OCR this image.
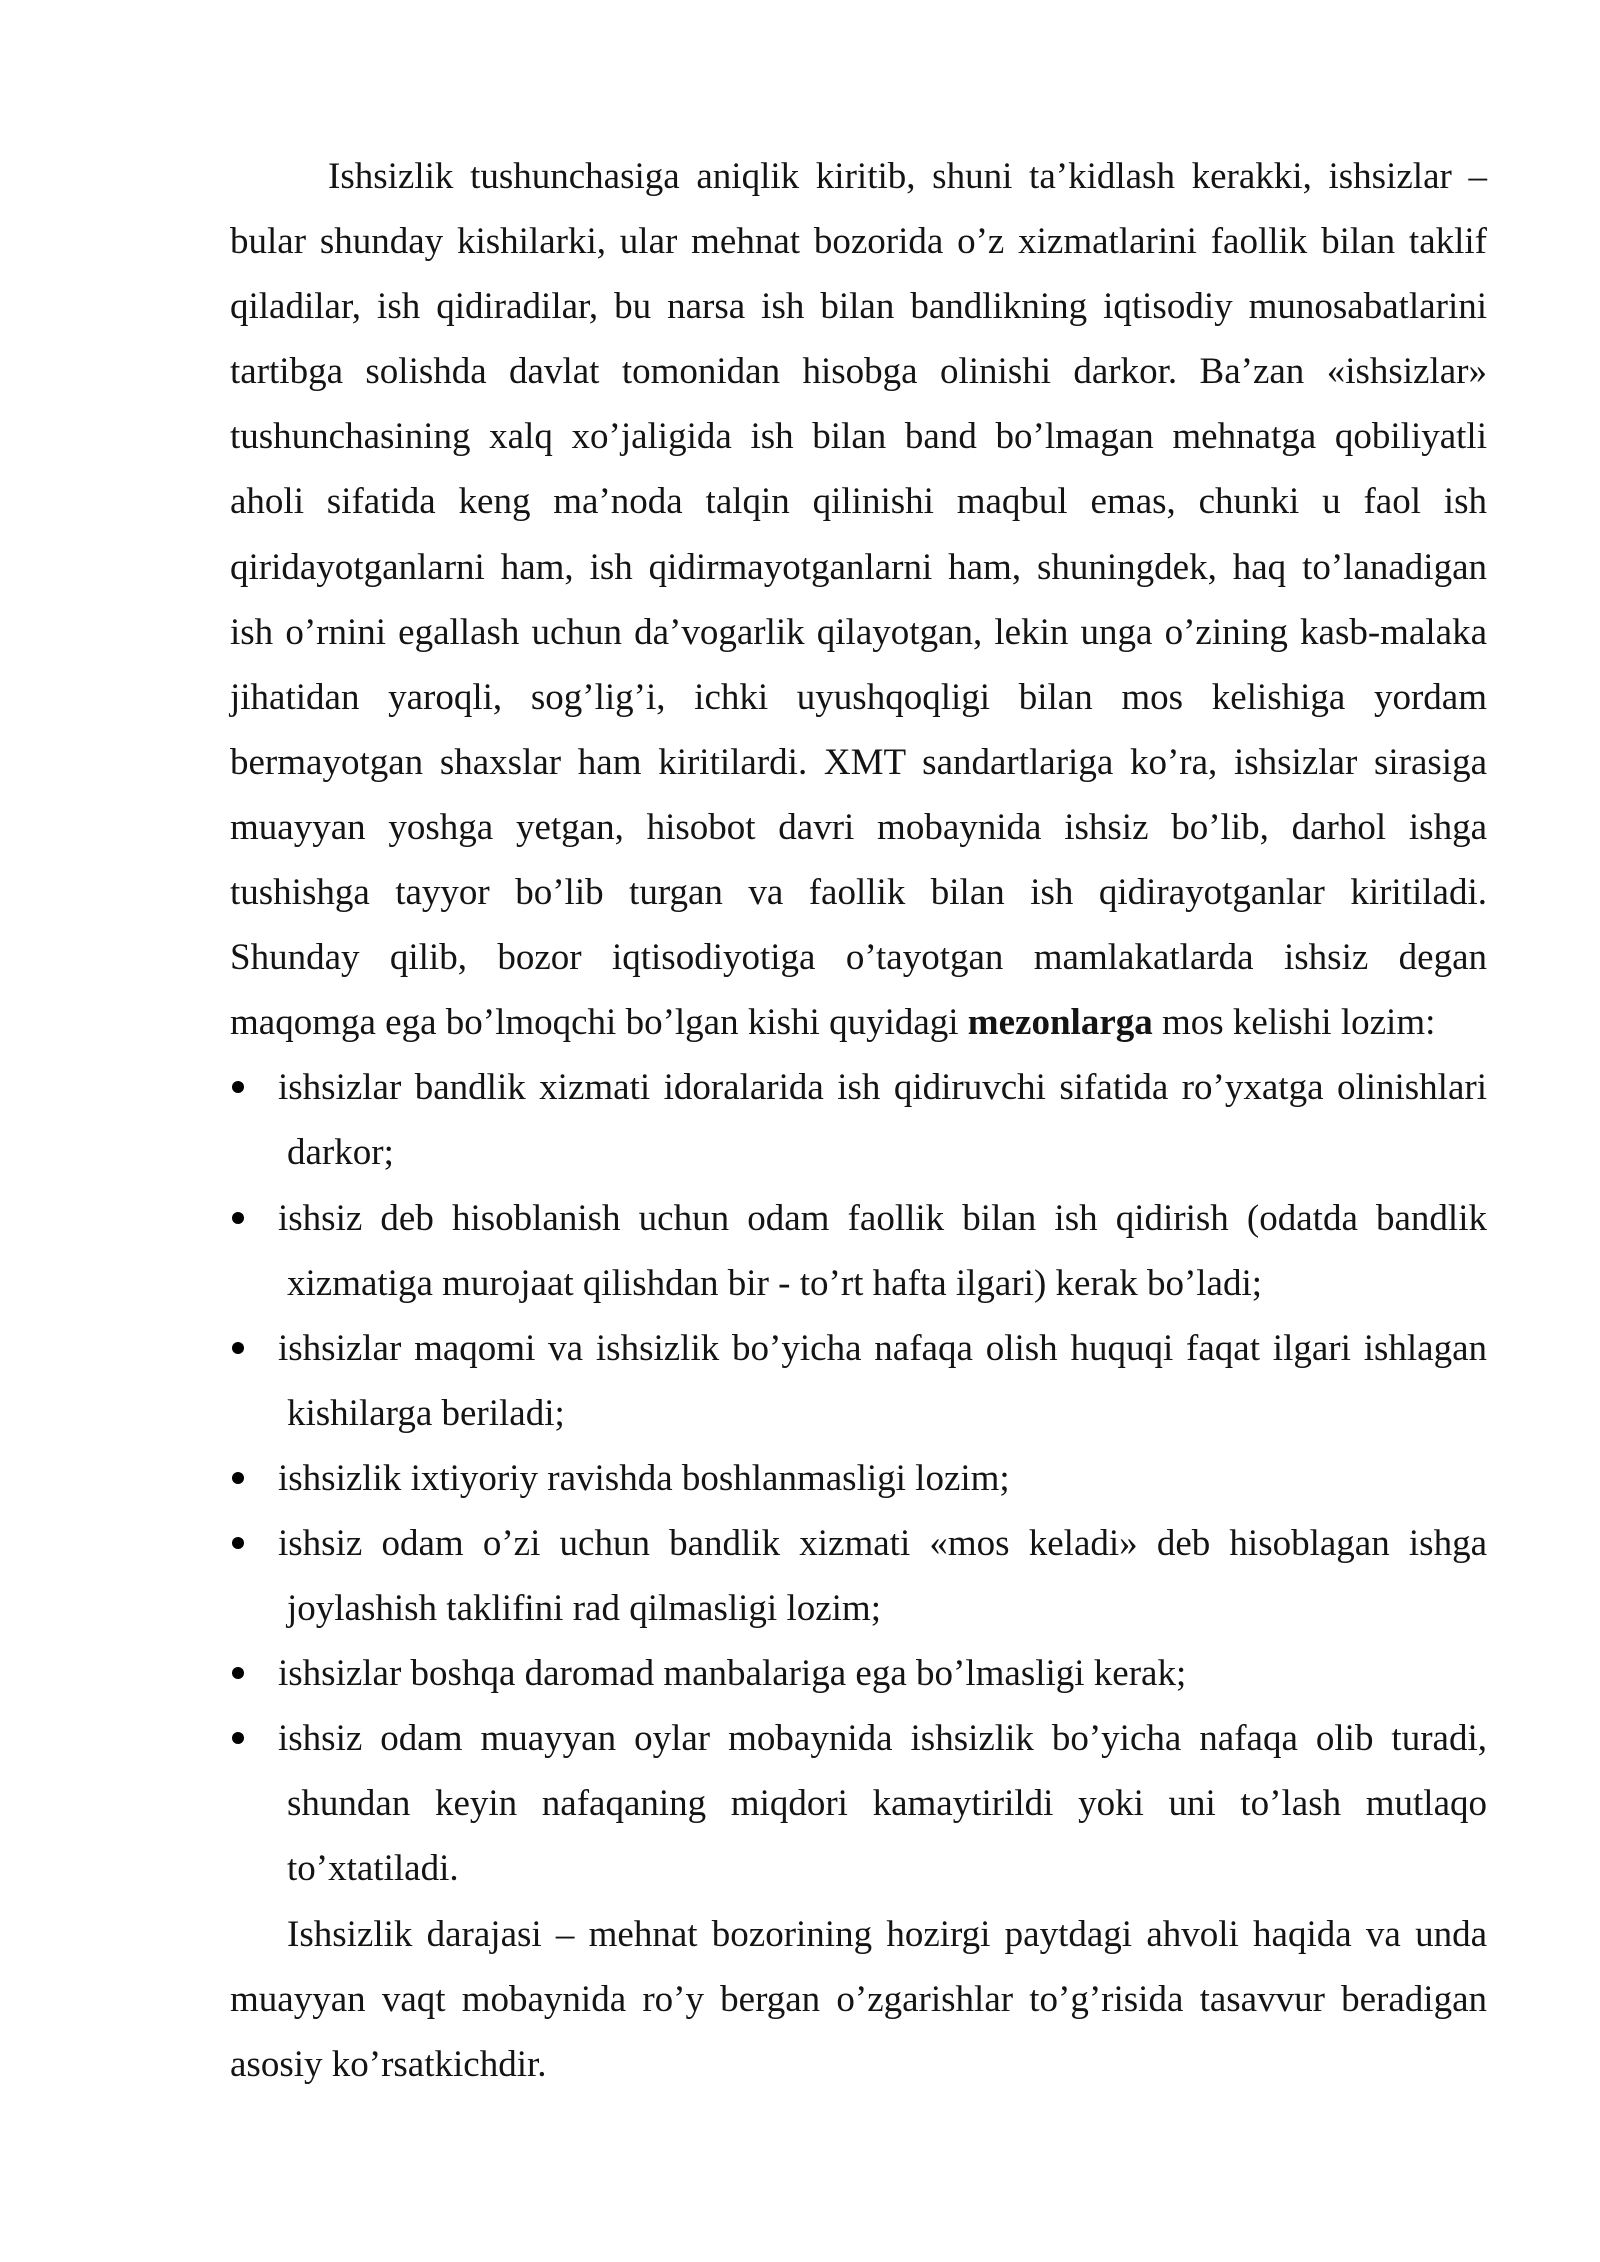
Ishsizlik tushunchasiga aniqlik kiritib, shuni ta’kidlash kerakki, ishsizlar –
bular shunday kishilarki, ular mehnat bozorida o’z xizmatlarini faollik bilan taklif
qiladilar, ish qidiradilar, bu narsa ish bilan bandlikning iqtisodiy munosabatlarini
tartibga solishda davlat tomonidan hisobga olinishi darkor. Ba’zan «ishsizlar»
tushunchasining xalq xo’jaligida ish bilan band bo’lmagan mehnatga qobiliyatli
aholi sifatida keng ma’noda talqin qilinishi maqbul emas, chunki u faol ish
qiridayotganlarni ham, ish qidirmayotganlarni ham, shuningdek, haq to’lanadigan
ish o’rnini egallash uchun da’vogarlik qilayotgan, lekin unga o’zining kasb-malaka
jihatidan yaroqli, sog’lig’i, ichki uyushqoqligi bilan mos kelishiga yordam
bermayotgan shaxslar ham kiritilardi. XMT sandartlariga ko’ra, ishsizlar sirasiga
muayyan yoshga yetgan, hisobot davri mobaynida ishsiz bo’lib, darhol ishga
tushishga tayyor bo’lib turgan va faollik bilan ish qidirayotganlar kiritiladi.
Shunday qilib, bozor iqtisodiyotiga o’tayotgan mamlakatlarda ishsiz degan
maqomga ega bo’lmoqchi bo’lgan kishi quyidagi mezonlarga mos kelishi lozim:
ishsizlar bandlik xizmati idoralarida ish qidiruvchi sifatida ro’yxatga olinishlari
darkor;
ishsiz deb hisoblanish uchun odam faollik bilan ish qidirish (odatda bandlik
xizmatiga murojaat qilishdan bir - to’rt hafta ilgari) kerak bo’ladi;
ishsizlar maqomi va ishsizlik bo’yicha nafaqa olish huquqi faqat ilgari ishlagan
kishilarga beriladi;
ishsizlik ixtiyoriy ravishda boshlanmasligi lozim;
ishsiz odam o’zi uchun bandlik xizmati «mos keladi» deb hisoblagan ishga
joylashish taklifini rad qilmasligi lozim;
ishsizlar boshqa daromad manbalariga ega bo’lmasligi kerak;
ishsiz odam muayyan oylar mobaynida ishsizlik bo’yicha nafaqa olib turadi,
shundan keyin nafaqaning miqdori kamaytirildi yoki uni to’lash mutlaqo
to’xtatiladi.
Ishsizlik darajasi – mehnat bozorining hozirgi paytdagi ahvoli haqida va unda
muayyan vaqt mobaynida ro’y bergan o’zgarishlar to’g’risida tasavvur beradigan
asosiy ko’rsatkichdir.
